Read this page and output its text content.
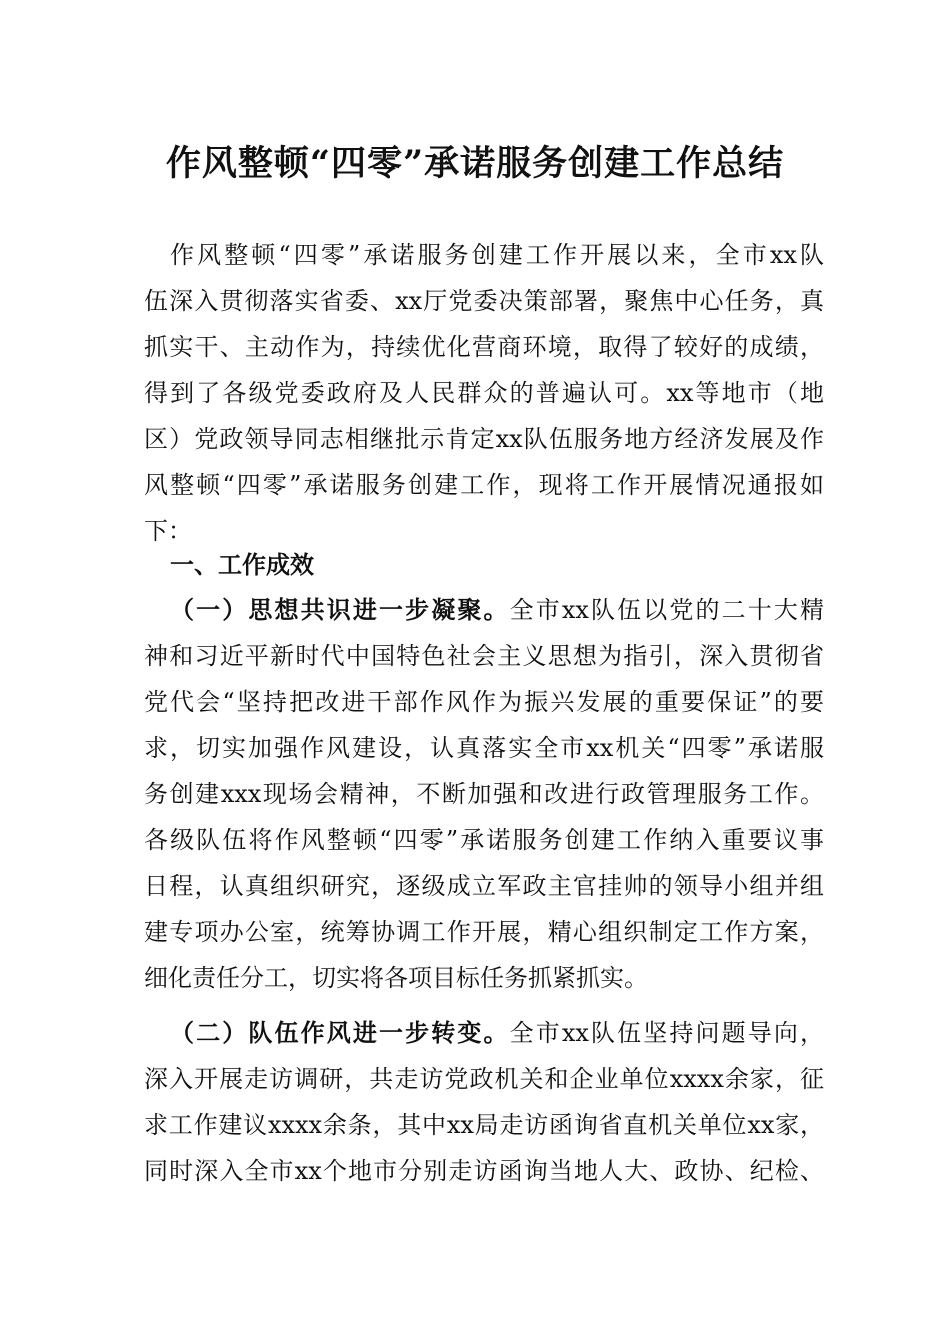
作风整顿“四零”承诺服务创建工作总结
作风整顿“四零”承诺服务创建工作开展以来，全市xx队
伍深入贯彻落实省委、xx厅党委决策部署，聚焦中心任务，真
抓实干、主动作为，持续优化营商环境，取得了较好的成绩，
得到了各级党委政府及人民群众的普遍认可。xx等地市（地
区）党政领导同志相继批示肯定xx队伍服务地方经济发展及作
风整顿“四零”承诺服务创建工作，现将工作开展情况通报如
下：
一、工作成效
（一）思想共识进一步凝聚。全市xx队伍以党的二十大精
神和习近平新时代中国特色社会主义思想为指引，深入贯彻省
党代会“坚持把改进干部作风作为振兴发展的重要保证”的要
求，切实加强作风建设，认真落实全市xx机关“四零”承诺服
务创建xxx现场会精神，不断加强和改进行政管理服务工作。
各级队伍将作风整顿“四零”承诺服务创建工作纳入重要议事
日程，认真组织研究，逐级成立军政主官挂帅的领导小组并组
建专项办公室，统筹协调工作开展，精心组织制定工作方案，
细化责任分工，切实将各项目标任务抓紧抓实。
（二）队伍作风进一步转变。全市xx队伍坚持问题导向，
深入开展走访调研，共走访党政机关和企业单位xxxx余家，征
求工作建议xxxx余条，其中xx局走访函询省直机关单位xx家，
同时深入全市xx个地市分别走访函询当地人大、政协、纪检、
